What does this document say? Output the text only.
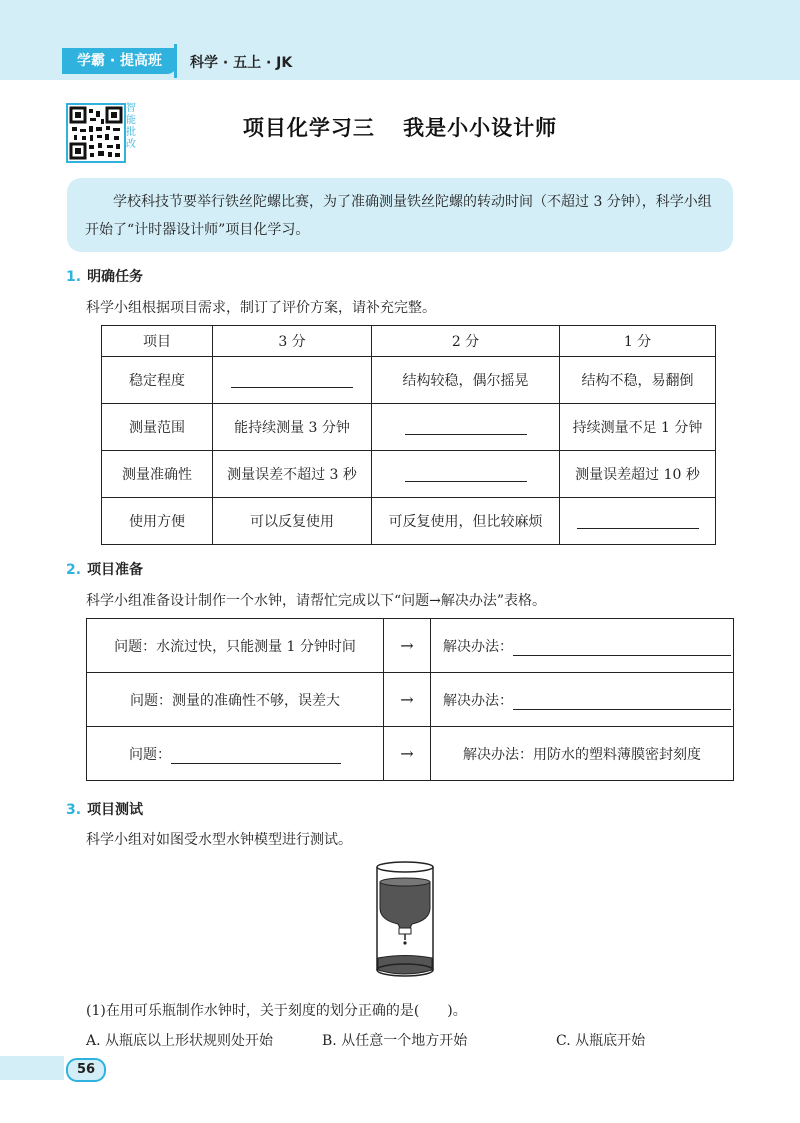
学霸 · 提高班	科学 · 五上 · JK
智能批改
项目化学习三 我是小小设计师
学校科技节要举行铁丝陀螺比赛，为了准确测量铁丝陀螺的转动时间（不超过 3 分钟），科学小组开始了“计时器设计师”项目化学习。
1. 明确任务
科学小组根据项目需求，制订了评价方案，请补充完整。
项目	3 分	2 分	1 分
稳定程度		结构较稳，偶尔摇晃	结构不稳，易翻倒
测量范围	能持续测量 3 分钟		持续测量不足 1 分钟
测量准确性	测量误差不超过 3 秒		测量误差超过 10 秒
使用方便	可以反复使用	可反复使用，但比较麻烦	
2. 项目准备
科学小组准备设计制作一个水钟，请帮忙完成以下“问题→解决办法”表格。
问题：水流过快，只能测量 1 分钟时间	→	解决办法：
问题：测量的准确性不够，误差大	→	解决办法：
问题：	→	解决办法：用防水的塑料薄膜密封刻度
3. 项目测试
科学小组对如图受水型水钟模型进行测试。
(1)在用可乐瓶制作水钟时，关于刻度的划分正确的是(　　)。
A. 从瓶底以上形状规则处开始	B. 从任意一个地方开始	C. 从瓶底开始
56
